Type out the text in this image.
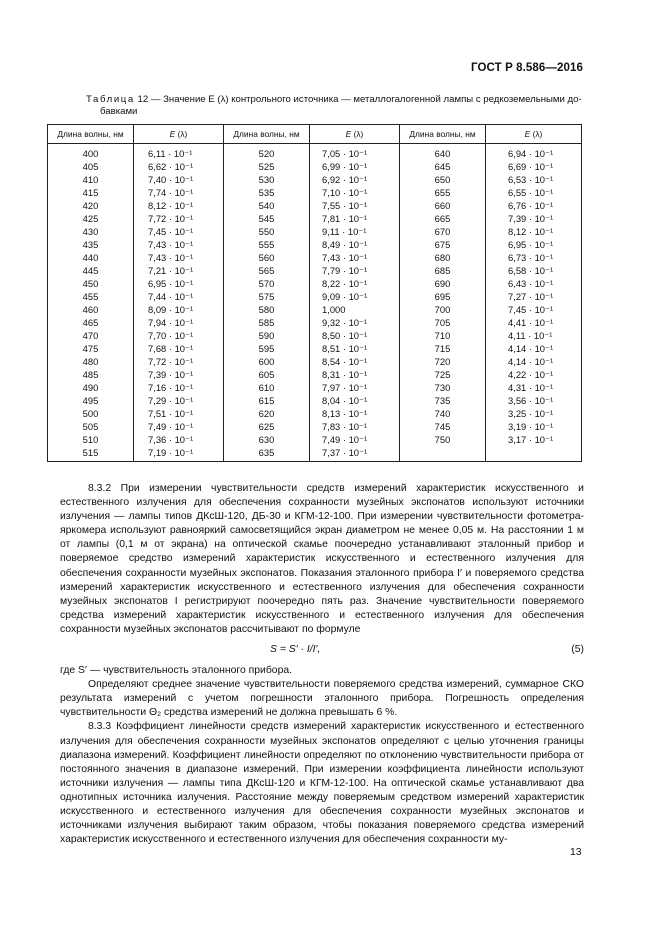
ГОСТ Р 8.586—2016
Таблица 12 — Значение E (λ) контрольного источника — металлогалогенной лампы с редкоземельными до-
бавками
Длина волны, нм	E (λ)	Длина волны, нм	E (λ)	Длина волны, нм	E (λ)
400	6,11 · 10⁻¹	520	7,05 · 10⁻¹	640	6,94 · 10⁻¹
405	6,62 · 10⁻¹	525	6,99 · 10⁻¹	645	6,69 · 10⁻¹
410	7,40 · 10⁻¹	530	6,92 · 10⁻¹	650	6,53 · 10⁻¹
415	7,74 · 10⁻¹	535	7,10 · 10⁻¹	655	6,55 · 10⁻¹
420	8,12 · 10⁻¹	540	7,55 · 10⁻¹	660	6,76 · 10⁻¹
425	7,72 · 10⁻¹	545	7,81 · 10⁻¹	665	7,39 · 10⁻¹
430	7,45 · 10⁻¹	550	9,11 · 10⁻¹	670	8,12 · 10⁻¹
435	7,43 · 10⁻¹	555	8,49 · 10⁻¹	675	6,95 · 10⁻¹
440	7,43 · 10⁻¹	560	7,43 · 10⁻¹	680	6,73 · 10⁻¹
445	7,21 · 10⁻¹	565	7,79 · 10⁻¹	685	6,58 · 10⁻¹
450	6,95 · 10⁻¹	570	8,22 · 10⁻¹	690	6,43 · 10⁻¹
455	7,44 · 10⁻¹	575	9,09 · 10⁻¹	695	7,27 · 10⁻¹
460	8,09 · 10⁻¹	580	1,000	700	7,45 · 10⁻¹
465	7,94 · 10⁻¹	585	9,32 · 10⁻¹	705	4,41 · 10⁻¹
470	7,70 · 10⁻¹	590	8,50 · 10⁻¹	710	4,11 · 10⁻¹
475	7,68 · 10⁻¹	595	8,51 · 10⁻¹	715	4,14 · 10⁻¹
480	7,72 · 10⁻¹	600	8,54 · 10⁻¹	720	4,14 · 10⁻¹
485	7,39 · 10⁻¹	605	8,31 · 10⁻¹	725	4,22 · 10⁻¹
490	7,16 · 10⁻¹	610	7,97 · 10⁻¹	730	4,31 · 10⁻¹
495	7,29 · 10⁻¹	615	8,04 · 10⁻¹	735	3,56 · 10⁻¹
500	7,51 · 10⁻¹	620	8,13 · 10⁻¹	740	3,25 · 10⁻¹
505	7,49 · 10⁻¹	625	7,83 · 10⁻¹	745	3,19 · 10⁻¹
510	7,36 · 10⁻¹	630	7,49 · 10⁻¹	750	3,17 · 10⁻¹
515	7,19 · 10⁻¹	635	7,37 · 10⁻¹		

8.3.2 При измерении чувствительности средств измерений характеристик искусственного и естественного излучения для обеспечения сохранности музейных экспонатов используют источники излучения — лампы типов ДКсШ-120, ДБ-30 и КГМ-12-100. При измерении чувствительности фотометра-яркомера используют равнояркий самосветящийся экран диаметром не менее 0,05 м. На расстоянии 1 м от лампы (0,1 м от экрана) на оптической скамье поочередно устанавливают эталонный прибор и поверяемое средство измерений характеристик искусственного и естественного излучения для обеспечения сохранности музейных экспонатов. Показания эталонного прибора I′ и поверяемого средства измерений характеристик искусственного и естественного излучения для обеспечения сохранности музейных экспонатов I регистрируют поочередно пять раз. Значение чувствительности поверяемого средства измерений характеристик искусственного и естественного излучения для обеспечения сохранности музейных экспонатов рассчитывают по формуле

S = S′ · I/I′,	(5)

где S′ — чувствительность эталонного прибора.

Определяют среднее значение чувствительности поверяемого средства измерений, суммарное СКО результата измерений с учетом погрешности эталонного прибора. Погрешность определения чувствительности Θ₂ средства измерений не должна превышать 6 %.

8.3.3 Коэффициент линейности средств измерений характеристик искусственного и естественного излучения для обеспечения сохранности музейных экспонатов определяют с целью уточнения границы диапазона измерений. Коэффициент линейности определяют по отклонению чувствительности прибора от постоянного значения в диапазоне измерений. При измерении коэффициента линейности используют источники излучения — лампы типа ДКсШ-120 и КГМ-12-100. На оптической скамье устанавливают два однотипных источника излучения. Расстояние между поверяемым средством измерений характеристик искусственного и естественного излучения для обеспечения сохранности музейных экспонатов и источниками излучения выбирают таким образом, чтобы показания поверяемого средства измерений характеристик искусственного и естественного излучения для обеспечения сохранности му-

13
